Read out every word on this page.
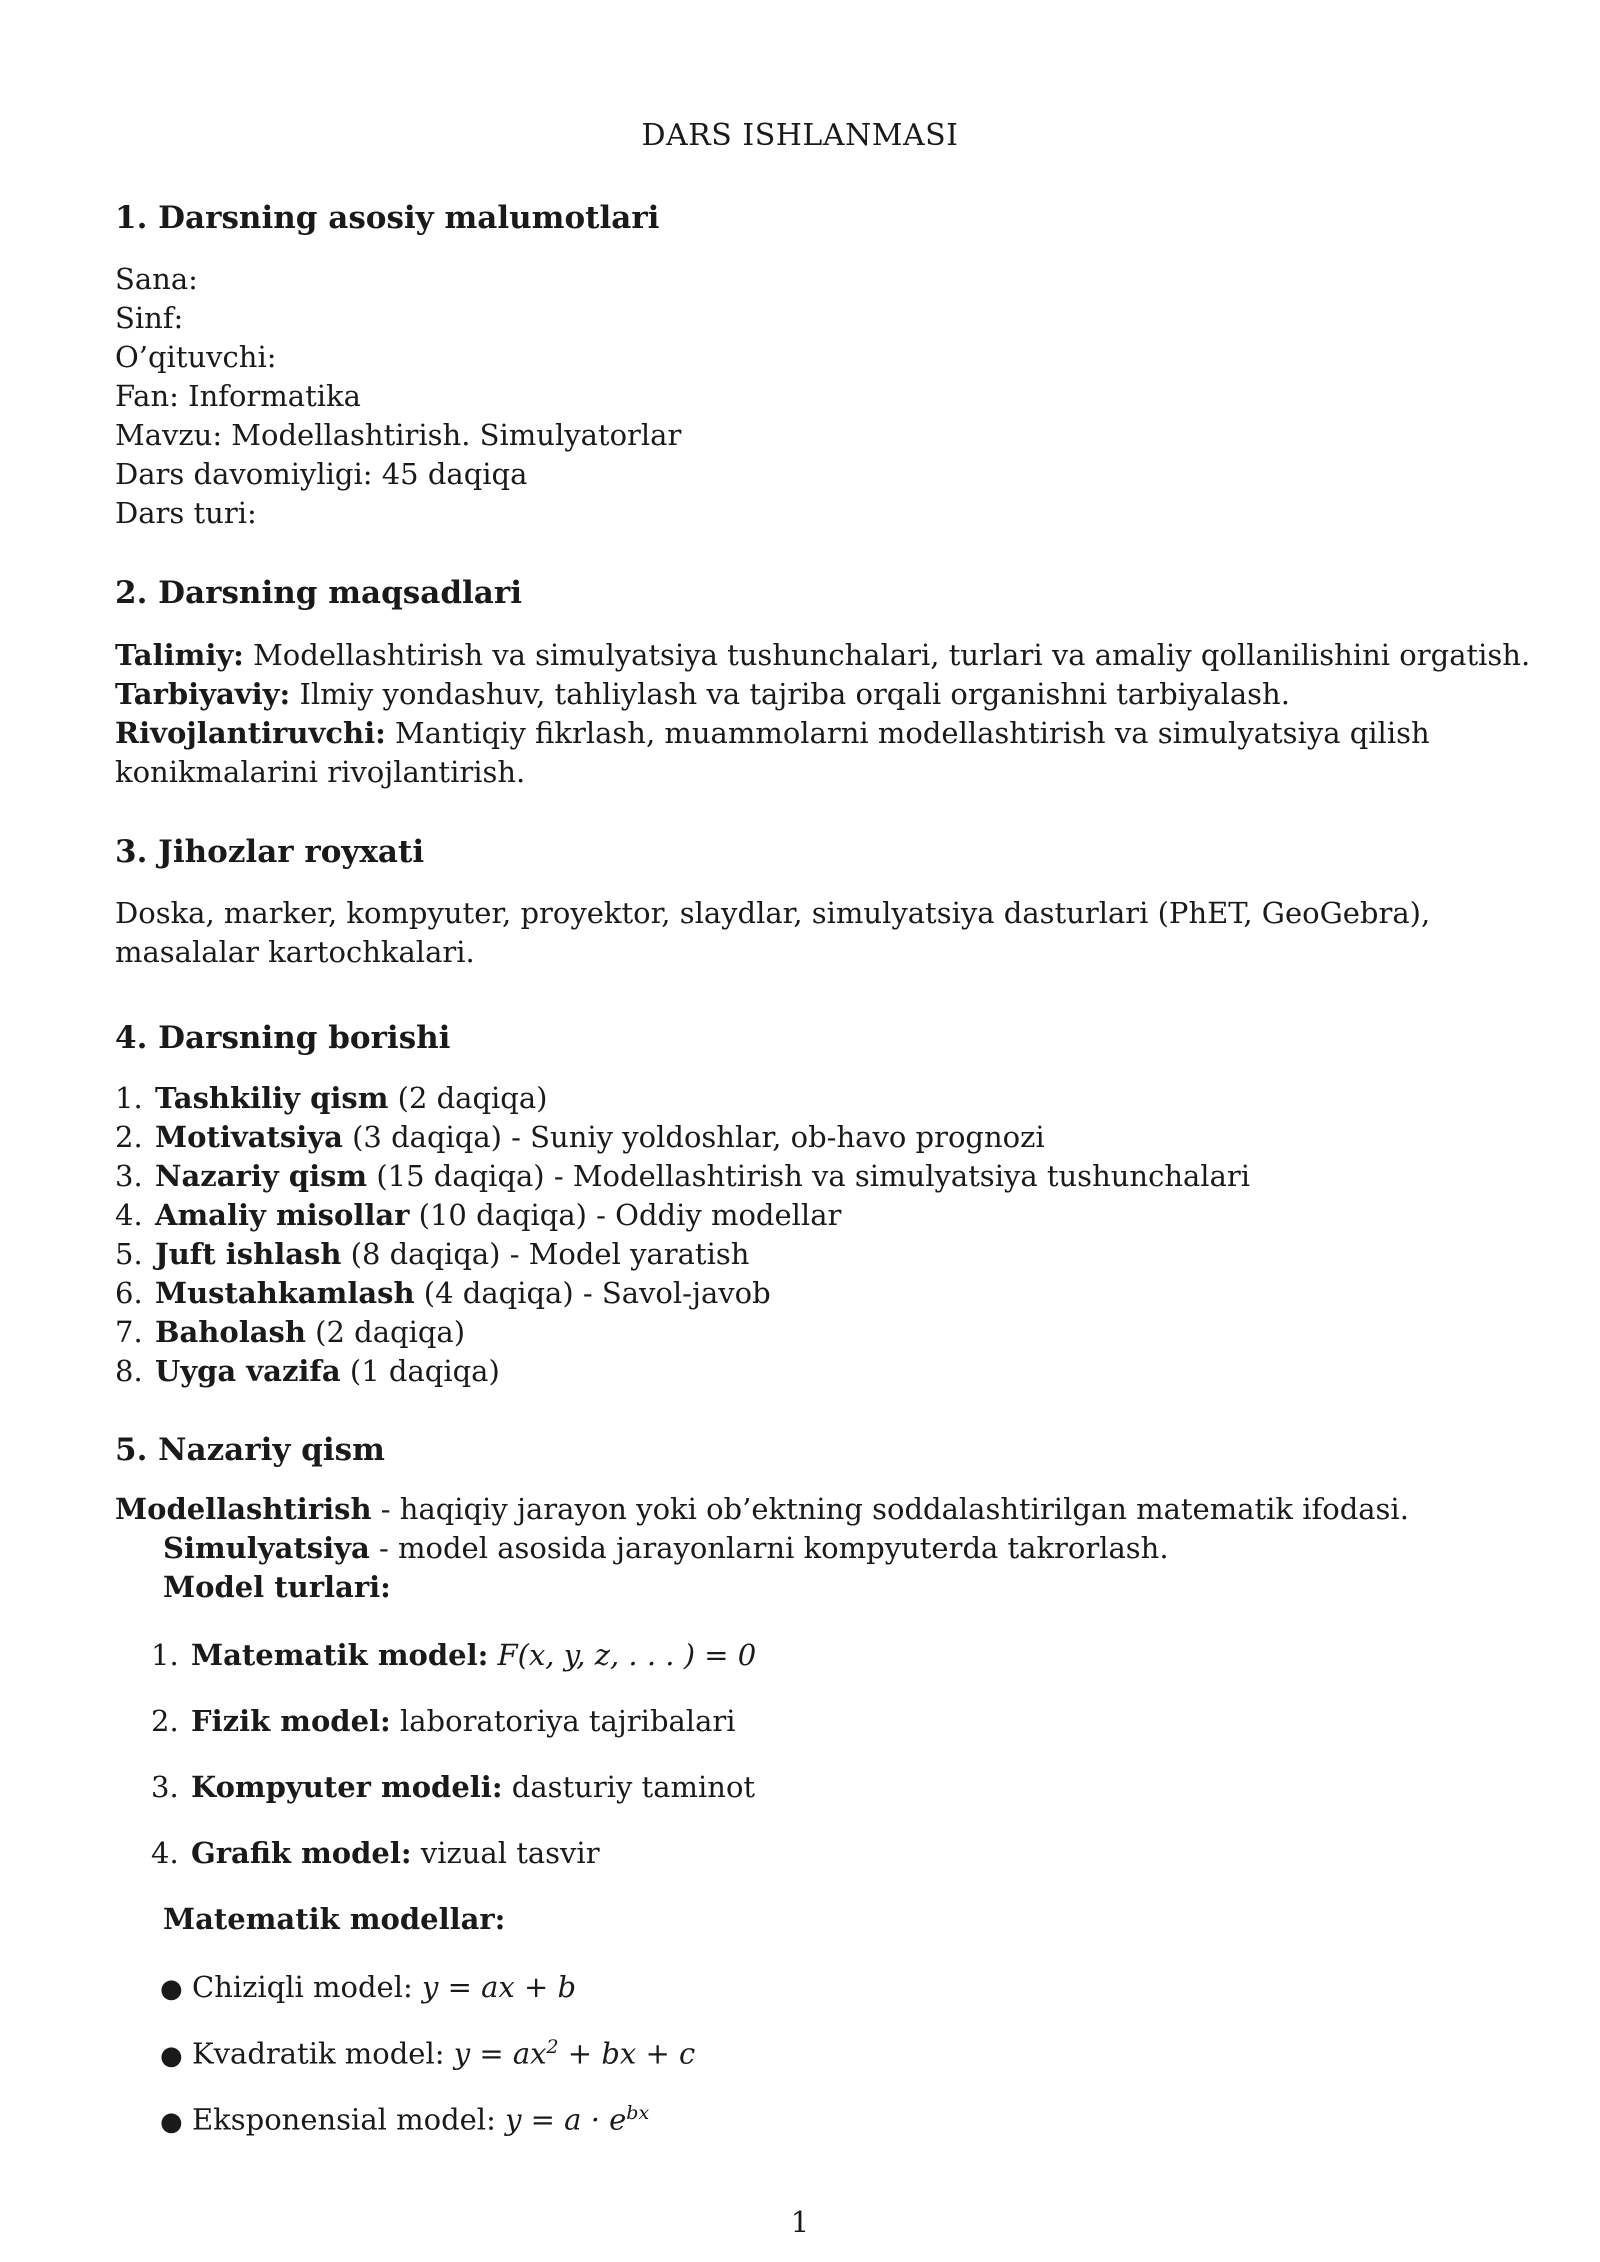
DARS ISHLANMASI
1. Darsning asosiy malumotlari
Sana:
Sinf:
O’qituvchi:
Fan: Informatika
Mavzu: Modellashtirish. Simulyatorlar
Dars davomiyligi: 45 daqiqa
Dars turi:
2. Darsning maqsadlari
Talimiy: Modellashtirish va simulyatsiya tushunchalari, turlari va amaliy qollanilishini orgatish.
Tarbiyaviy: Ilmiy yondashuv, tahliylash va tajriba orqali organishni tarbiyalash.
Rivojlantiruvchi: Mantiqiy fikrlash, muammolarni modellashtirish va simulyatsiya qilish konikmalarini rivojlantirish.
3. Jihozlar royxati
Doska, marker, kompyuter, proyektor, slaydlar, simulyatsiya dasturlari (PhET, GeoGebra), masalalar kartochkalari.
4. Darsning borishi
1. Tashkiliy qism (2 daqiqa)
2. Motivatsiya (3 daqiqa) - Suniy yoldoshlar, ob-havo prognozi
3. Nazariy qism (15 daqiqa) - Modellashtirish va simulyatsiya tushunchalari
4. Amaliy misollar (10 daqiqa) - Oddiy modellar
5. Juft ishlash (8 daqiqa) - Model yaratish
6. Mustahkamlash (4 daqiqa) - Savol-javob
7. Baholash (2 daqiqa)
8. Uyga vazifa (1 daqiqa)
5. Nazariy qism
Modellashtirish - haqiqiy jarayon yoki ob’ektning soddalashtirilgan matematik ifodasi.
Simulyatsiya - model asosida jarayonlarni kompyuterda takrorlash.
Model turlari:
1. Matematik model: F(x, y, z, . . . ) = 0
2. Fizik model: laboratoriya tajribalari
3. Kompyuter modeli: dasturiy taminot
4. Grafik model: vizual tasvir
Matematik modellar:
● Chiziqli model: y = ax + b
● Kvadratik model: $y = ax^2$ + bx + c
● Eksponensial model: $y = a \cdot e^{bx}$
1
